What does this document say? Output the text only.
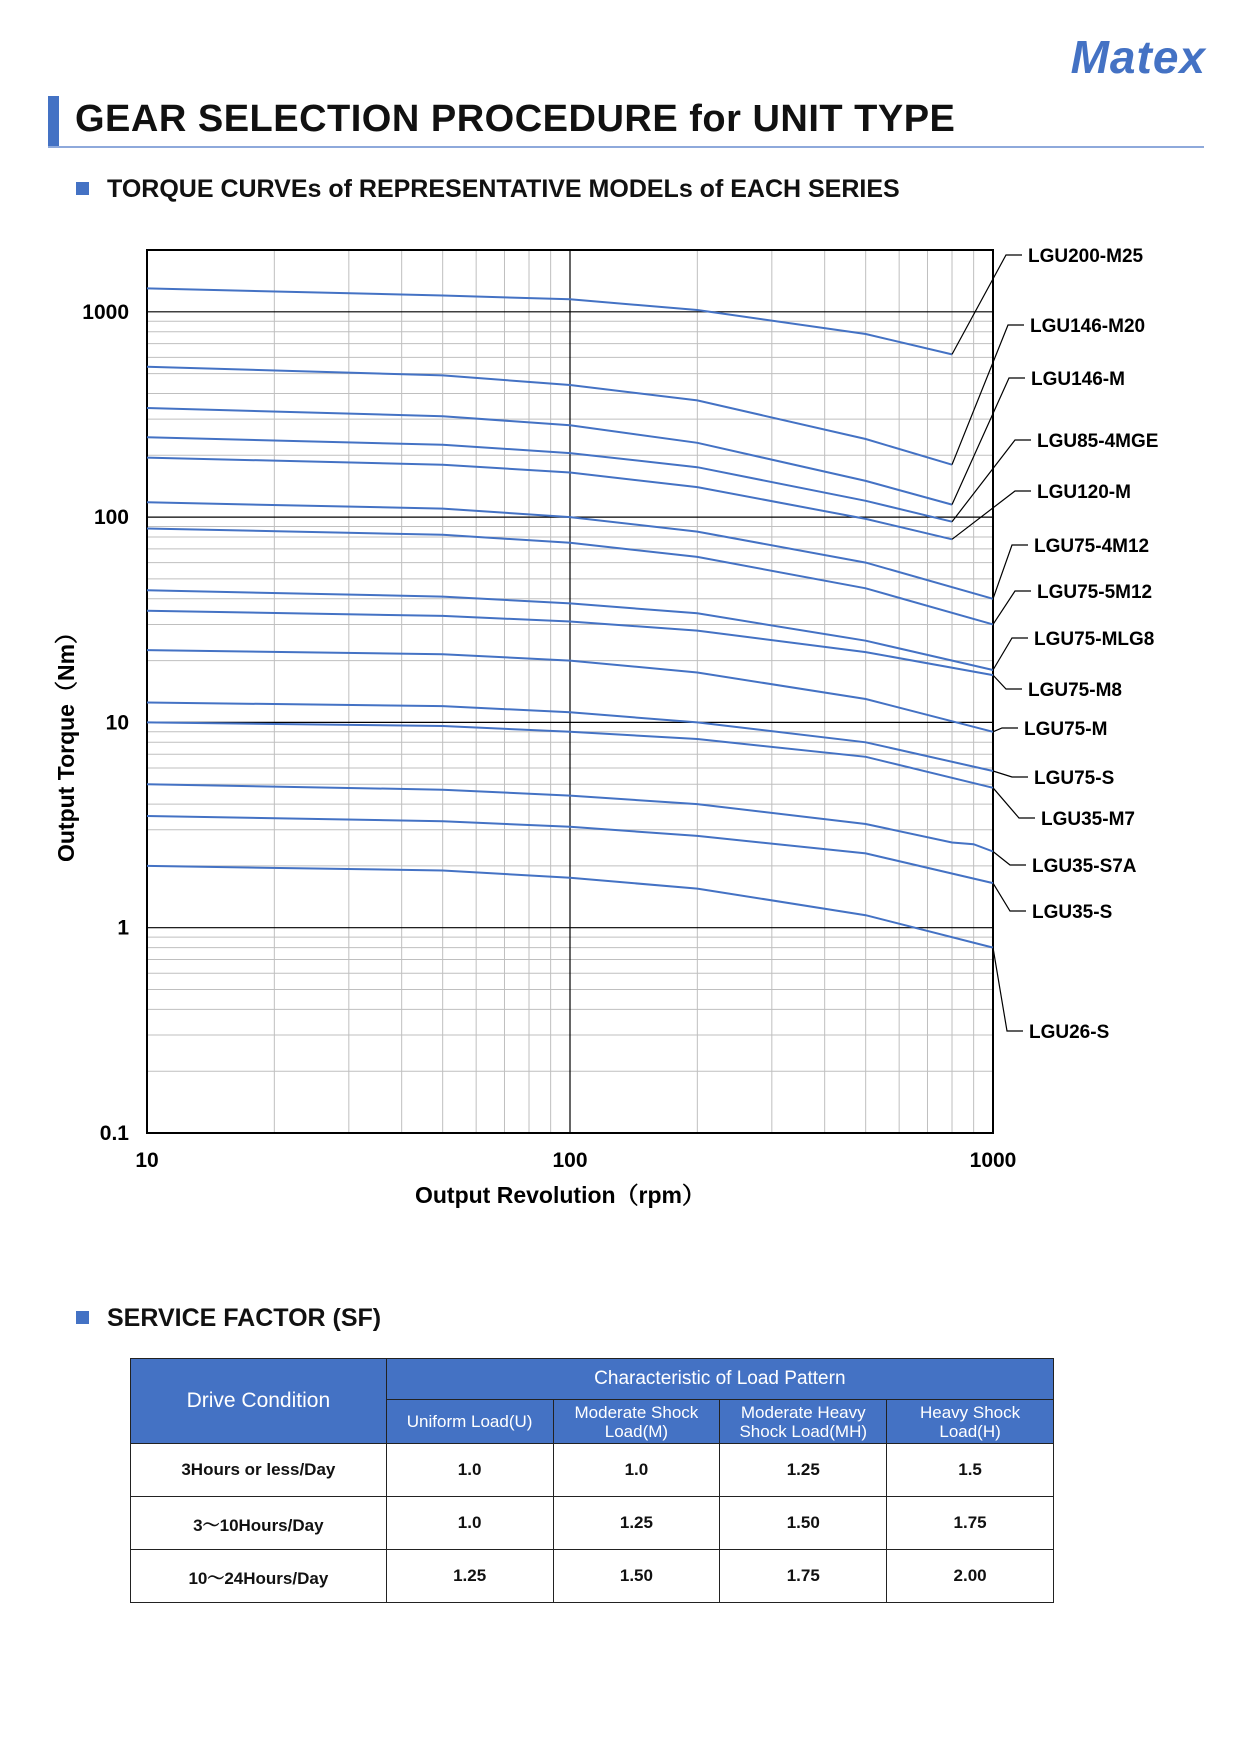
Matex
GEAR SELECTION PROCEDURE for UNIT TYPE
TORQUE CURVEs of REPRESENTATIVE MODELs of EACH SERIES
10	100	1000
0.1
1
10
100
1000
Output Revolution（rpm）
Output Torque（Nm）
LGU200-M25
LGU146-M20
LGU146-M
LGU85-4MGE
LGU120-M
LGU75-4M12
LGU75-5M12
LGU75-MLG8
LGU75-M8
LGU75-M
LGU75-S
LGU35-M7
LGU35-S7A
LGU35-S
LGU26-S
SERVICE FACTOR (SF)
Drive Condition	Characteristic of Load Pattern			
	Uniform Load(U)	Moderate Shock Load(M)	Moderate Heavy Shock Load(MH)	Heavy Shock Load(H)
3Hours or less/Day	1.0	1.0	1.25	1.5
3～10Hours/Day	1.0	1.25	1.50	1.75
10～24Hours/Day	1.25	1.50	1.75	2.00
